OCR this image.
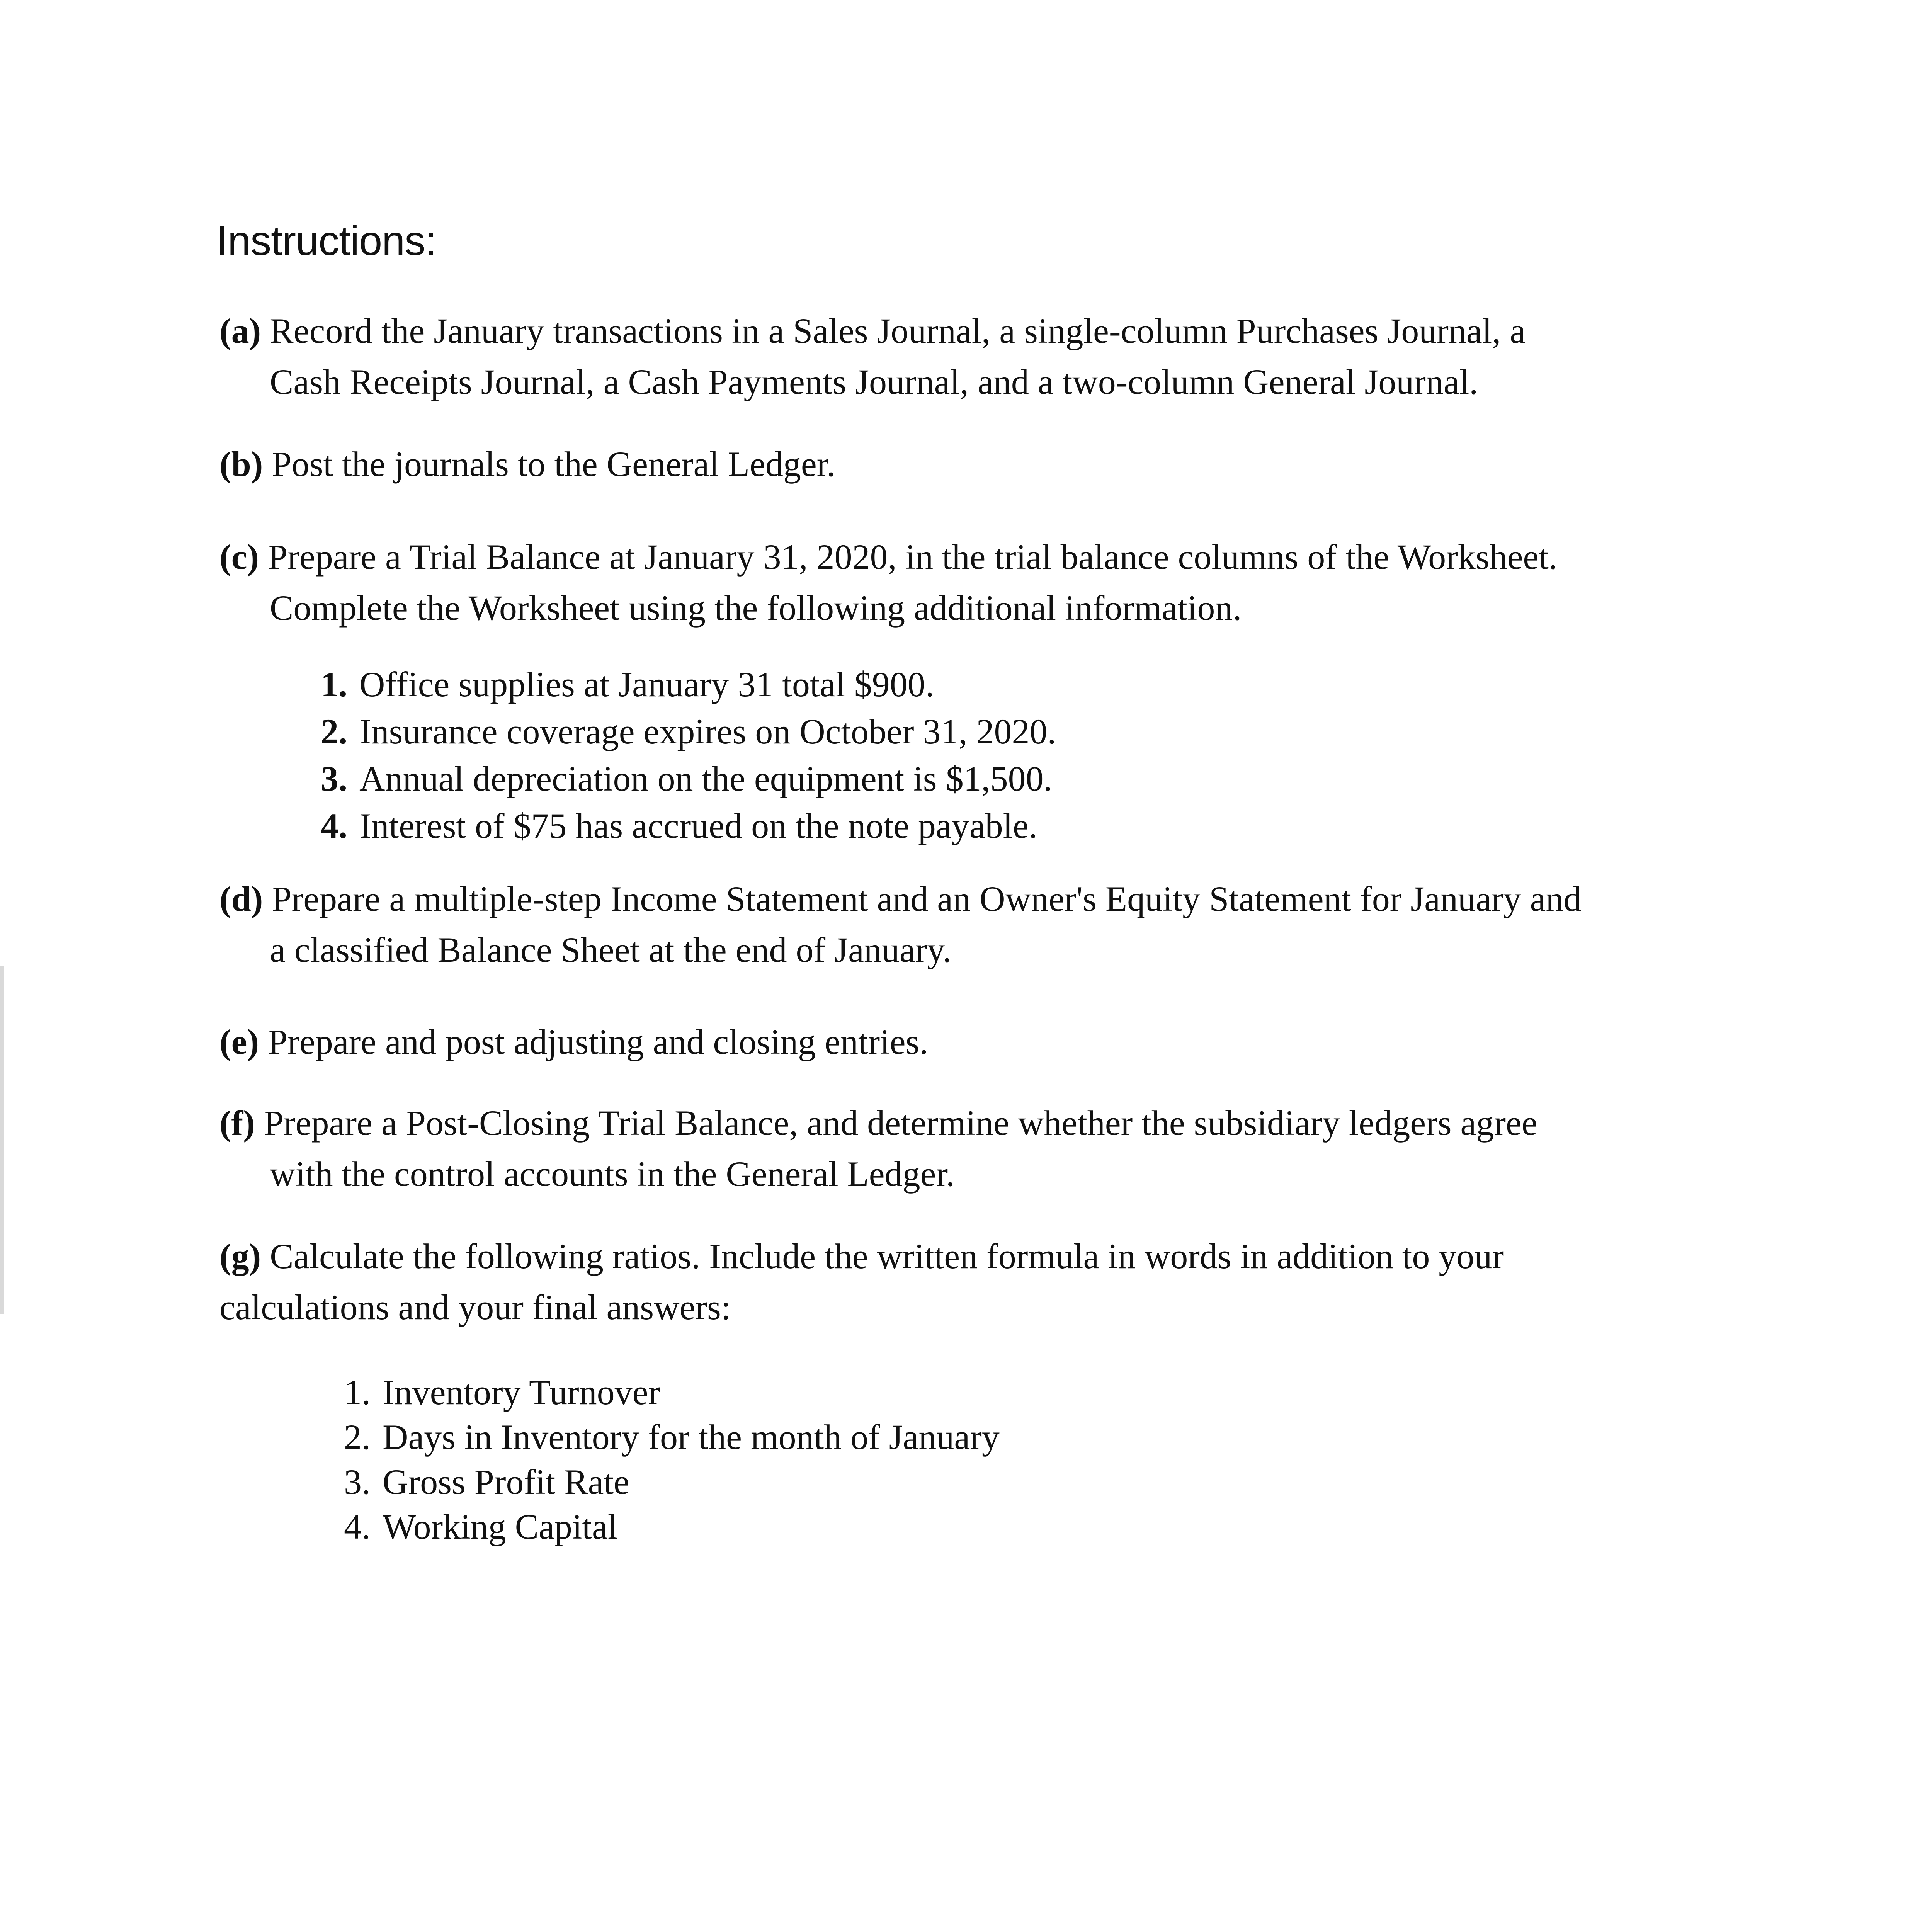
Instructions:
(a) Record the January transactions in a Sales Journal, a single-column Purchases Journal, a
Cash Receipts Journal, a Cash Payments Journal, and a two-column General Journal.
(b) Post the journals to the General Ledger.
(c) Prepare a Trial Balance at January 31, 2020, in the trial balance columns of the Worksheet.
Complete the Worksheet using the following additional information.
1. Office supplies at January 31 total $900.
2. Insurance coverage expires on October 31, 2020.
3. Annual depreciation on the equipment is $1,500.
4. Interest of $75 has accrued on the note payable.
(d) Prepare a multiple-step Income Statement and an Owner's Equity Statement for January and
a classified Balance Sheet at the end of January.
(e) Prepare and post adjusting and closing entries.
(f) Prepare a Post-Closing Trial Balance, and determine whether the subsidiary ledgers agree
with the control accounts in the General Ledger.
(g) Calculate the following ratios. Include the written formula in words in addition to your
calculations and your final answers:
1. Inventory Turnover
2. Days in Inventory for the month of January
3. Gross Profit Rate
4. Working Capital
